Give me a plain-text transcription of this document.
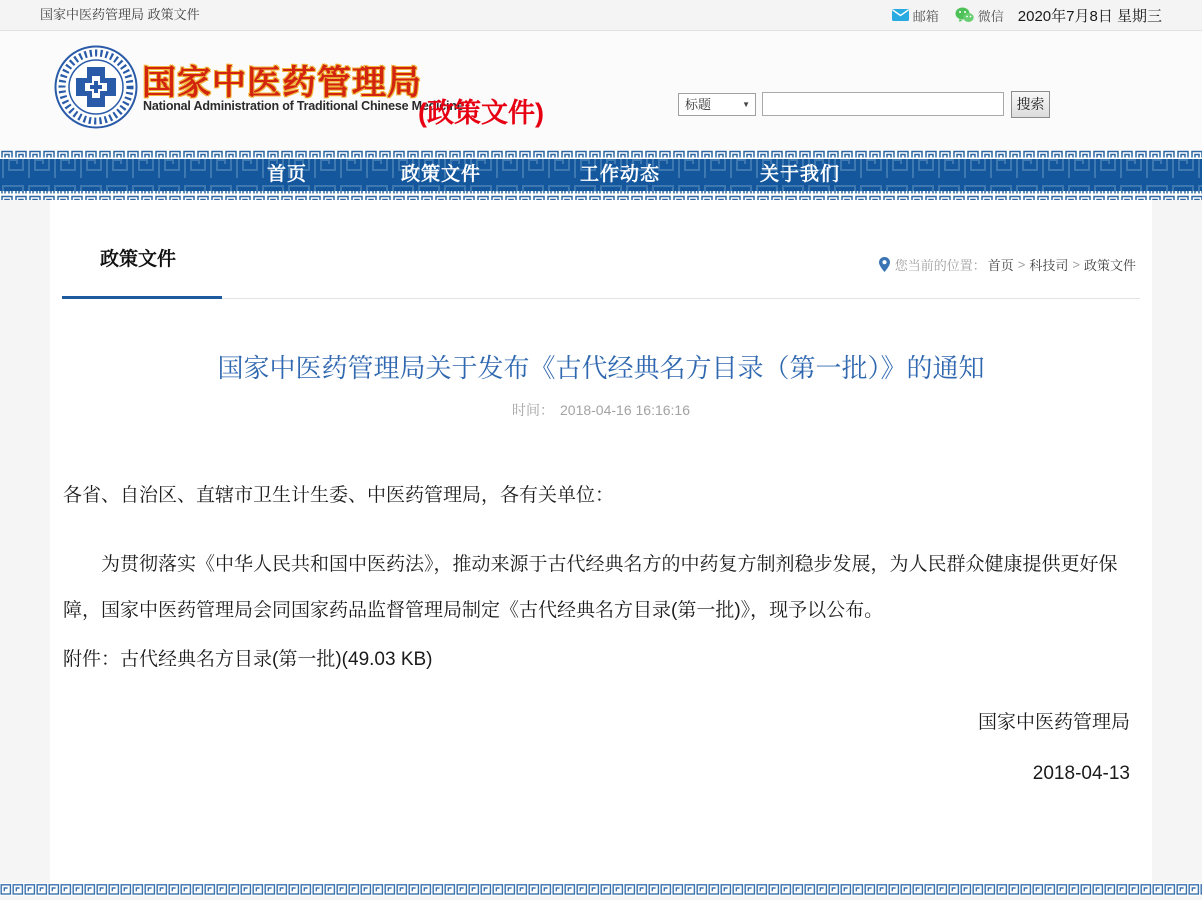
国家中医药管理局 政策文件	邮箱	微信 2020年7月8日 星期三
国家中医药管理局
National Administration of Traditional Chinese Medicine
(政策文件)	标题	▼	搜索
首页	政策文件	工作动态	关于我们
政策文件	您当前的位置： 首页 > 科技司 > 政策文件
国家中医药管理局关于发布《古代经典名方目录（第一批）》的通知
时间： 2018-04-16 16:16:16
各省、自治区、直辖市卫生计生委、中医药管理局，各有关单位：
为贯彻落实《中华人民共和国中医药法》，推动来源于古代经典名方的中药复方制剂稳步发展，为人民群众健康提供更好保障，国家中医药管理局会同国家药品监督管理局制定《古代经典名方目录(第一批)》，现予以公布。
附件：古代经典名方目录(第一批)(49.03 KB)
国家中医药管理局
2018-04-13
